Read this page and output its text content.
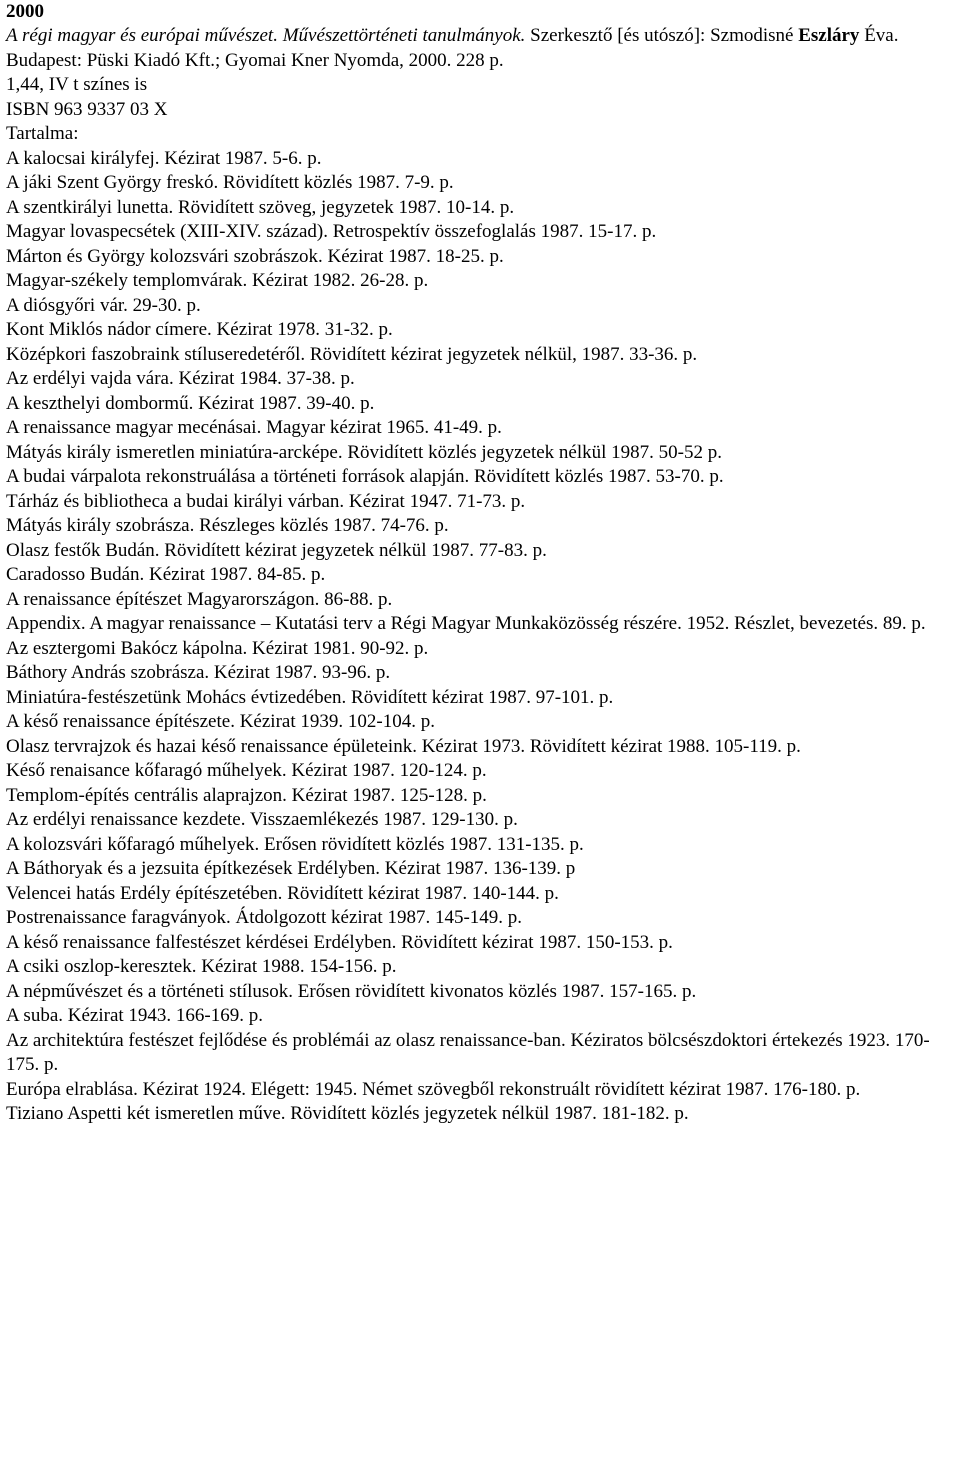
2000
A régi magyar és európai művészet. Művészettörténeti tanulmányok. Szerkesztő [és utószó]: Szmodisné Eszláry Éva. Budapest: Püski Kiadó Kft.; Gyomai Kner Nyomda, 2000. 228 p.
1,44, IV t színes is
ISBN 963 9337 03 X
Tartalma:
A kalocsai királyfej. Kézirat 1987. 5-6. p.
A jáki Szent György freskó. Rövidített közlés 1987. 7-9. p.
A szentkirályi lunetta. Rövidített szöveg, jegyzetek 1987. 10-14. p.
Magyar lovaspecsétek (XIII-XIV. század). Retrospektív összefoglalás 1987. 15-17. p.
Márton és György kolozsvári szobrászok. Kézirat 1987. 18-25. p.
Magyar-székely templomvárak. Kézirat 1982. 26-28. p.
A diósgyőri vár. 29-30. p.
Kont Miklós nádor címere. Kézirat 1978. 31-32. p.
Középkori faszobraink stíluseredetéről. Rövidített kézirat jegyzetek nélkül, 1987. 33-36. p.
Az erdélyi vajda vára. Kézirat 1984. 37-38. p.
A keszthelyi dombormű. Kézirat 1987. 39-40. p.
A renaissance magyar mecénásai. Magyar kézirat 1965. 41-49. p.
Mátyás király ismeretlen miniatúra-arcképe. Rövidített közlés jegyzetek nélkül 1987. 50-52 p.
A budai várpalota rekonstruálása a történeti források alapján. Rövidített közlés 1987. 53-70. p.
Tárház és bibliotheca a budai királyi várban. Kézirat 1947. 71-73. p.
Mátyás király szobrásza. Részleges közlés 1987. 74-76. p.
Olasz festők Budán. Rövidített kézirat jegyzetek nélkül 1987. 77-83. p.
Caradosso Budán. Kézirat 1987. 84-85. p.
A renaissance építészet Magyarországon. 86-88. p.
Appendix. A magyar renaissance – Kutatási terv a Régi Magyar Munkaközösség részére. 1952. Részlet, bevezetés. 89. p.
Az esztergomi Bakócz kápolna. Kézirat 1981. 90-92. p.
Báthory András szobrásza. Kézirat 1987. 93-96. p.
Miniatúra-festészetünk Mohács évtizedében. Rövidített kézirat 1987. 97-101. p.
A késő renaissance építészete. Kézirat 1939. 102-104. p.
Olasz tervrajzok és hazai késő renaissance épületeink. Kézirat 1973. Rövidített kézirat 1988. 105-119. p.
Késő renaisance kőfaragó műhelyek. Kézirat 1987. 120-124. p.
Templom-építés centrális alaprajzon. Kézirat 1987. 125-128. p.
Az erdélyi renaissance kezdete. Visszaemlékezés 1987. 129-130. p.
A kolozsvári kőfaragó műhelyek. Erősen rövidített közlés 1987. 131-135. p.
A Báthoryak és a jezsuita építkezések Erdélyben. Kézirat 1987. 136-139. p
Velencei hatás Erdély építészetében. Rövidített kézirat 1987. 140-144. p.
Postrenaissance faragványok. Átdolgozott kézirat 1987. 145-149. p.
A késő renaissance falfestészet kérdései Erdélyben. Rövidített kézirat 1987. 150-153. p.
A csiki oszlop-keresztek. Kézirat 1988. 154-156. p.
A népművészet és a történeti stílusok. Erősen rövidített kivonatos közlés 1987. 157-165. p.
A suba. Kézirat 1943. 166-169. p.
Az architektúra festészet fejlődése és problémái az olasz renaissance-ban. Kéziratos bölcsészdoktori értekezés 1923. 170-175. p.
Európa elrablása. Kézirat 1924. Elégett: 1945. Német szövegből rekonstruált rövidített kézirat 1987. 176-180. p.
Tiziano Aspetti két ismeretlen műve. Rövidített közlés jegyzetek nélkül 1987. 181-182. p.
